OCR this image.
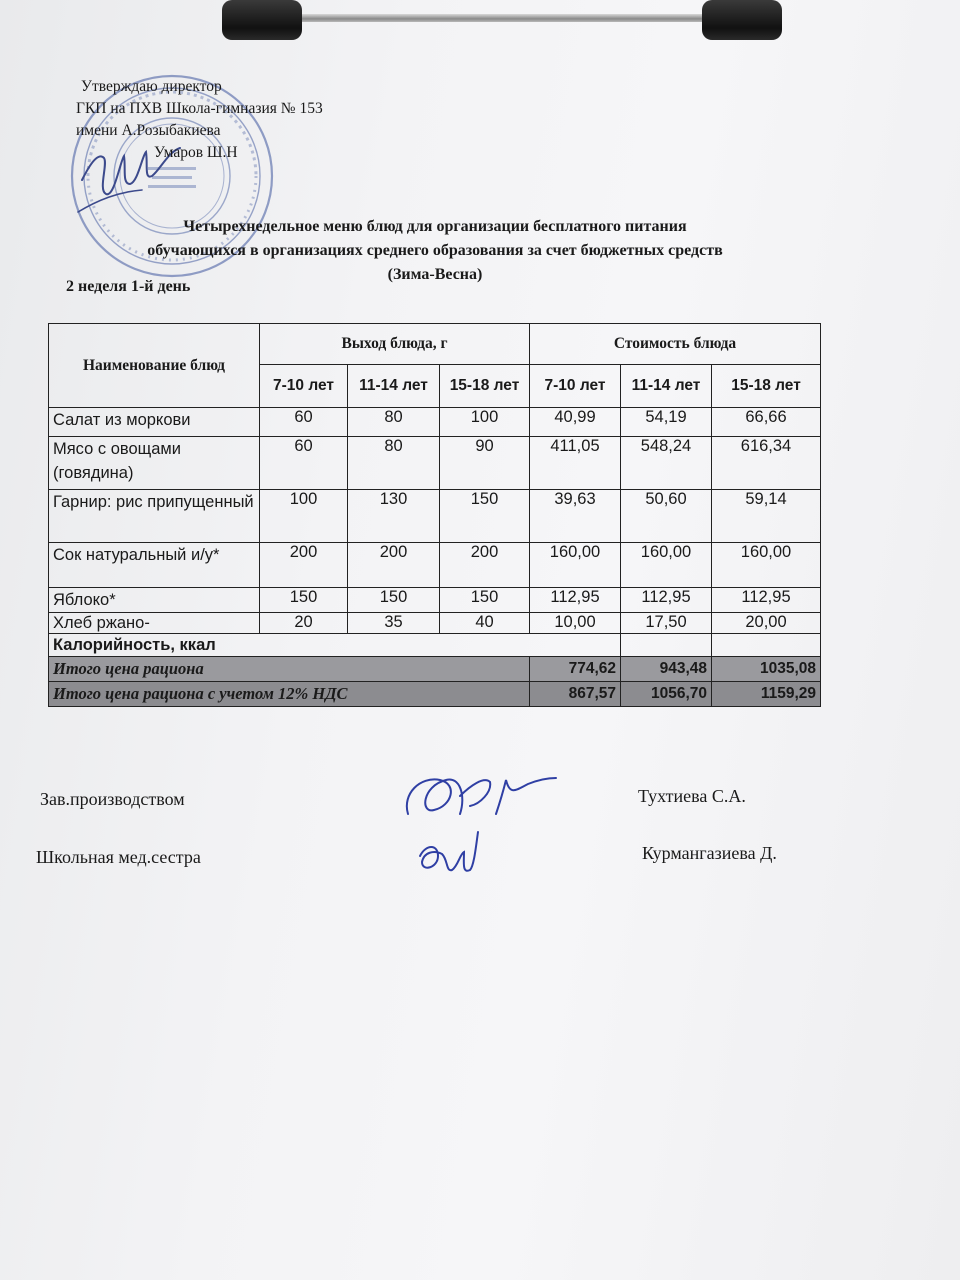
Утверждаю директор
ГКП на ПХВ Школа-гимназия № 153
имени А.Розыбакиева
Умаров Ш.Н
Четырехнедельное меню блюд для организации бесплатного питания
обучающихся в организациях среднего образования за счет бюджетных средств
(Зима-Весна)
2 неделя 1-й день
Наименование блюд	Выход блюда, г			Стоимость блюда		
	7-10 лет	11-14 лет	15-18 лет	7-10 лет	11-14 лет	15-18 лет
Салат из моркови	60	80	100	40,99	54,19	66,66
Мясо с овощами (говядина)	60	80	90	411,05	548,24	616,34
Гарнир: рис припущенный	100	130	150	39,63	50,60	59,14
Сок натуральный и/у*	200	200	200	160,00	160,00	160,00
Яблоко*	150	150	150	112,95	112,95	112,95
Хлеб ржано-	20	35	40	10,00	17,50	20,00
Калорийность, ккал						
Итого цена рациона				774,62	943,48	1035,08
Итого цена рациона с учетом 12% НДС				867,57	1056,70	1159,29
Зав.производством	Тухтиева С.А.
Школьная мед.сестра	Курмангазиева Д.
